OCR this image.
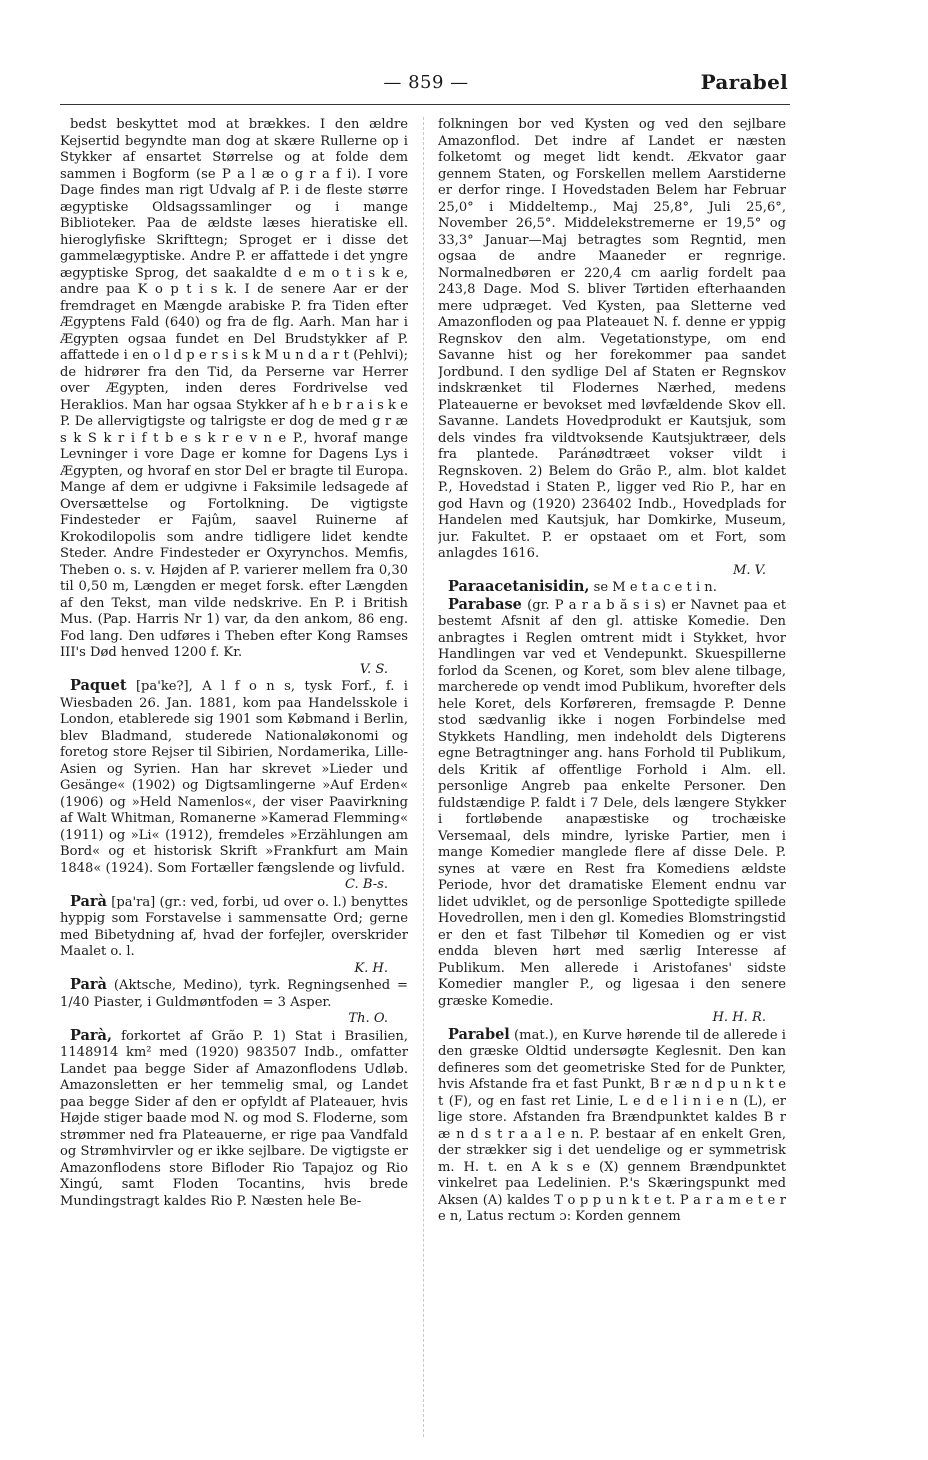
— 859 —	Parabel

bedst beskyttet mod at brækkes. I den ældre Kejsertid begyndte man dog at skære Rullerne op i Stykker af ensartet Størrelse og at folde dem sammen i Bogform (se P a l æ o g r a f i). I vore Dage findes man rigt Udvalg af P. i de fleste større ægyptiske Oldsagssamlinger og i mange Biblioteker. Paa de ældste læses hieratiske ell. hieroglyfiske Skrifttegn; Sproget er i disse det gammelægyptiske. Andre P. er affattede i det yngre ægyptiske Sprog, det saakaldte d e m o t i s k e, andre paa K o p t i s k. I de senere Aar er der fremdraget en Mængde arabiske P. fra Tiden efter Ægyptens Fald (640) og fra de flg. Aarh. Man har i Ægypten ogsaa fundet en Del Brudstykker af P. affattede i en o l d p e r s i s k M u n d a r t (Pehlvi); de hidrører fra den Tid, da Perserne var Herrer over Ægypten, inden deres Fordrivelse ved Heraklios. Man har ogsaa Stykker af h e b r a i s k e P. De allervigtigste og talrigste er dog de med g r æ s k S k r i f t b e s k r e v n e P., hvoraf mange Levninger i vore Dage er komne for Dagens Lys i Ægypten, og hvoraf en stor Del er bragte til Europa. Mange af dem er udgivne i Faksimile ledsagede af Oversættelse og Fortolkning. De vigtigste Findesteder er Fajûm, saavel Ruinerne af Krokodilopolis som andre tidligere lidet kendte Steder. Andre Findesteder er Oxyrynchos. Memfis, Theben o. s. v. Højden af P. varierer mellem fra 0,30 til 0,50 m, Længden er meget forsk. efter Længden af den Tekst, man vilde nedskrive. En P. i British Mus. (Pap. Harris Nr 1) var, da den ankom, 86 eng. Fod lang. Den udføres i Theben efter Kong Ramses III's Død henved 1200 f. Kr.
V. S.

Paquet [pa'ke?], A l f o n s, tysk Forf., f. i Wiesbaden 26. Jan. 1881, kom paa Handelsskole i London, etablerede sig 1901 som Købmand i Berlin, blev Bladmand, studerede Nationaløkonomi og foretog store Rejser til Sibirien, Nordamerika, Lille-Asien og Syrien. Han har skrevet »Lieder und Gesänge« (1902) og Digtsamlingerne »Auf Erden« (1906) og »Held Namenlos«, der viser Paavirkning af Walt Whitman, Romanerne »Kamerad Flemming« (1911) og »Li« (1912), fremdeles »Erzählungen am Bord« og et historisk Skrift »Frankfurt am Main 1848« (1924). Som Fortæller fængslende og livfuld.
C. B-s.

Parà [pa'ra] (gr.: ved, forbi, ud over o. l.) benyttes hyppig som Forstavelse i sammensatte Ord; gerne med Bibetydning af, hvad der forfejler, overskrider Maalet o. l.
K. H.

Parà (Aktsche, Medino), tyrk. Regningsenhed = 1/40 Piaster, i Guldmøntfoden = 3 Asper.
Th. O.

Parà, forkortet af Grão P. 1) Stat i Brasilien, 1148914 km² med (1920) 983507 Indb., omfatter Landet paa begge Sider af Amazonflodens Udløb. Amazonsletten er her temmelig smal, og Landet paa begge Sider af den er opfyldt af Plateauer, hvis Højde stiger baade mod N. og mod S. Floderne, som strømmer ned fra Plateauerne, er rige paa Vandfald og Strømhvirvler og er ikke sejlbare. De vigtigste er Amazonflodens store Bifloder Rio Tapajoz og Rio Xingú, samt Floden Tocantins, hvis brede Mundingstragt kaldes Rio P. Næsten hele Be-

folkningen bor ved Kysten og ved den sejlbare Amazonflod. Det indre af Landet er næsten folketomt og meget lidt kendt. Ækvator gaar gennem Staten, og Forskellen mellem Aarstiderne er derfor ringe. I Hovedstaden Belem har Februar 25,0° i Middeltemp., Maj 25,8°, Juli 25,6°, November 26,5°. Middelekstremerne er 19,5° og 33,3° Januar—Maj betragtes som Regntid, men ogsaa de andre Maaneder er regnrige. Normalnedbøren er 220,4 cm aarlig fordelt paa 243,8 Dage. Mod S. bliver Tørtiden efterhaanden mere udpræget. Ved Kysten, paa Sletterne ved Amazonfloden og paa Plateauet N. f. denne er yppig Regnskov den alm. Vegetationstype, om end Savanne hist og her forekommer paa sandet Jordbund. I den sydlige Del af Staten er Regnskov indskrænket til Flodernes Nærhed, medens Plateauerne er bevokset med løvfældende Skov ell. Savanne. Landets Hovedprodukt er Kautsjuk, som dels vindes fra vildtvoksende Kautsjuktræer, dels fra plantede. Paránødtræet vokser vildt i Regnskoven. 2) Belem do Grão P., alm. blot kaldet P., Hovedstad i Staten P., ligger ved Rio P., har en god Havn og (1920) 236402 Indb., Hovedplads for Handelen med Kautsjuk, har Domkirke, Museum, jur. Fakultet. P. er opstaaet om et Fort, som anlagdes 1616.
M. V.

Paraacetanisidin, se M e t a c e t i n.

Parabase (gr. P a r a b ă s i s) er Navnet paa et bestemt Afsnit af den gl. attiske Komedie. Den anbragtes i Reglen omtrent midt i Stykket, hvor Handlingen var ved et Vendepunkt. Skuespillerne forlod da Scenen, og Koret, som blev alene tilbage, marcherede op vendt imod Publikum, hvorefter dels hele Koret, dels Korføreren, fremsagde P. Denne stod sædvanlig ikke i nogen Forbindelse med Stykkets Handling, men indeholdt dels Digterens egne Betragtninger ang. hans Forhold til Publikum, dels Kritik af offentlige Forhold i Alm. ell. personlige Angreb paa enkelte Personer. Den fuldstændige P. faldt i 7 Dele, dels længere Stykker i fortløbende anapæstiske og trochæiske Versemaal, dels mindre, lyriske Partier, men i mange Komedier manglede flere af disse Dele. P. synes at være en Rest fra Komediens ældste Periode, hvor det dramatiske Element endnu var lidet udviklet, og de personlige Spottedigte spillede Hovedrollen, men i den gl. Komedies Blomstringstid er den et fast Tilbehør til Komedien og er vist endda bleven hørt med særlig Interesse af Publikum. Men allerede i Aristofanes' sidste Komedier mangler P., og ligesaa i den senere græske Komedie.
H. H. R.

Parabel (mat.), en Kurve hørende til de allerede i den græske Oldtid undersøgte Keglesnit. Den kan defineres som det geometriske Sted for de Punkter, hvis Afstande fra et fast Punkt, B r æ n d p u n k t e t (F), og en fast ret Linie, L e d e l i n i e n (L), er lige store. Afstanden fra Brændpunktet kaldes B r æ n d s t r a a l e n. P. bestaar af en enkelt Gren, der strækker sig i det uendelige og er symmetrisk m. H. t. en A k s e (X) gennem Brændpunktet vinkelret paa Ledelinien. P.'s Skæringspunkt med Aksen (A) kaldes T o p p u n k t e t. P a r a m e t e r e n, Latus rectum ɔ: Korden gennem
